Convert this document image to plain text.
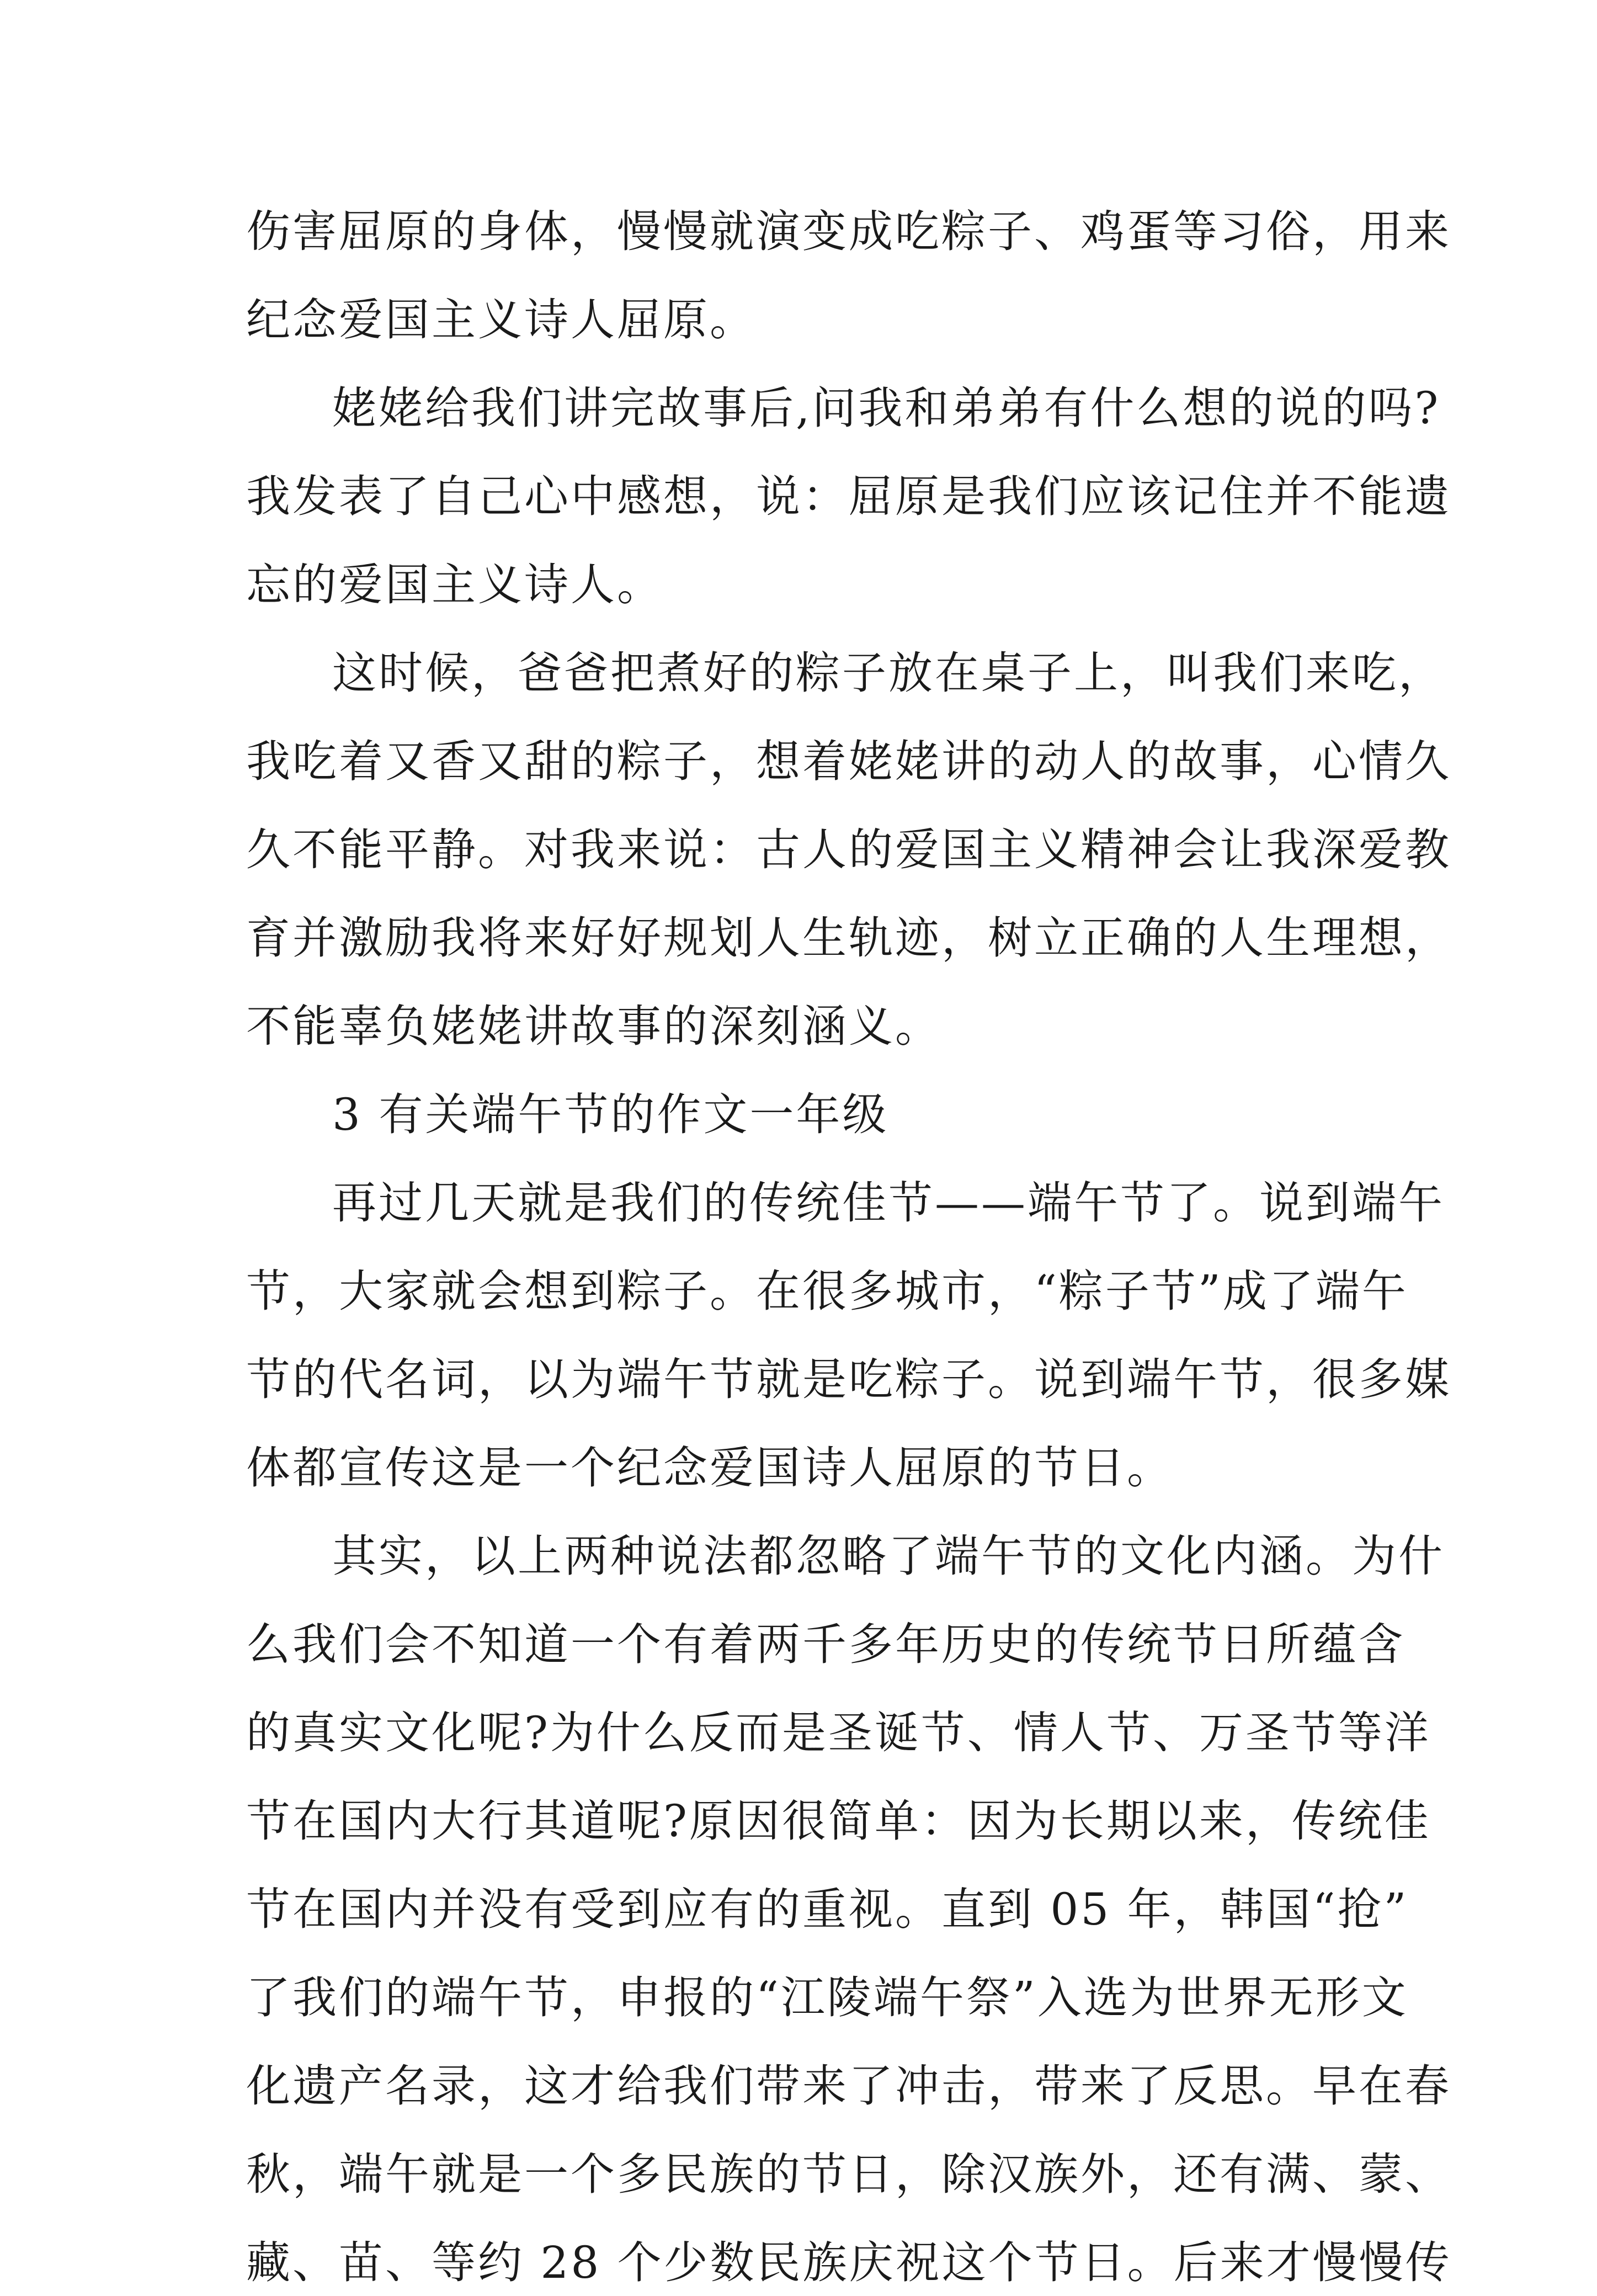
伤害屈原的身体，慢慢就演变成吃粽子、鸡蛋等习俗，用来

纪念爱国主义诗人屈原。

姥姥给我们讲完故事后,问我和弟弟有什么想的说的吗?

我发表了自己心中感想，说：屈原是我们应该记住并不能遗

忘的爱国主义诗人。

这时候，爸爸把煮好的粽子放在桌子上，叫我们来吃，

我吃着又香又甜的粽子，想着姥姥讲的动人的故事，心情久

久不能平静。对我来说：古人的爱国主义精神会让我深爱教

育并激励我将来好好规划人生轨迹，树立正确的人生理想，

不能辜负姥姥讲故事的深刻涵义。

3 有关端午节的作文一年级

再过几天就是我们的传统佳节——端午节了。说到端午

节，大家就会想到粽子。在很多城市，“粽子节”成了端午

节的代名词，以为端午节就是吃粽子。说到端午节，很多媒

体都宣传这是一个纪念爱国诗人屈原的节日。

其实，以上两种说法都忽略了端午节的文化内涵。为什

么我们会不知道一个有着两千多年历史的传统节日所蕴含

的真实文化呢?为什么反而是圣诞节、情人节、万圣节等洋

节在国内大行其道呢?原因很简单：因为长期以来，传统佳

节在国内并没有受到应有的重视。直到 05 年，韩国“抢”

了我们的端午节，申报的“江陵端午祭”入选为世界无形文

化遗产名录，这才给我们带来了冲击，带来了反思。早在春

秋，端午就是一个多民族的节日，除汉族外，还有满、蒙、

藏、苗、等约 28 个少数民族庆祝这个节日。后来才慢慢传
